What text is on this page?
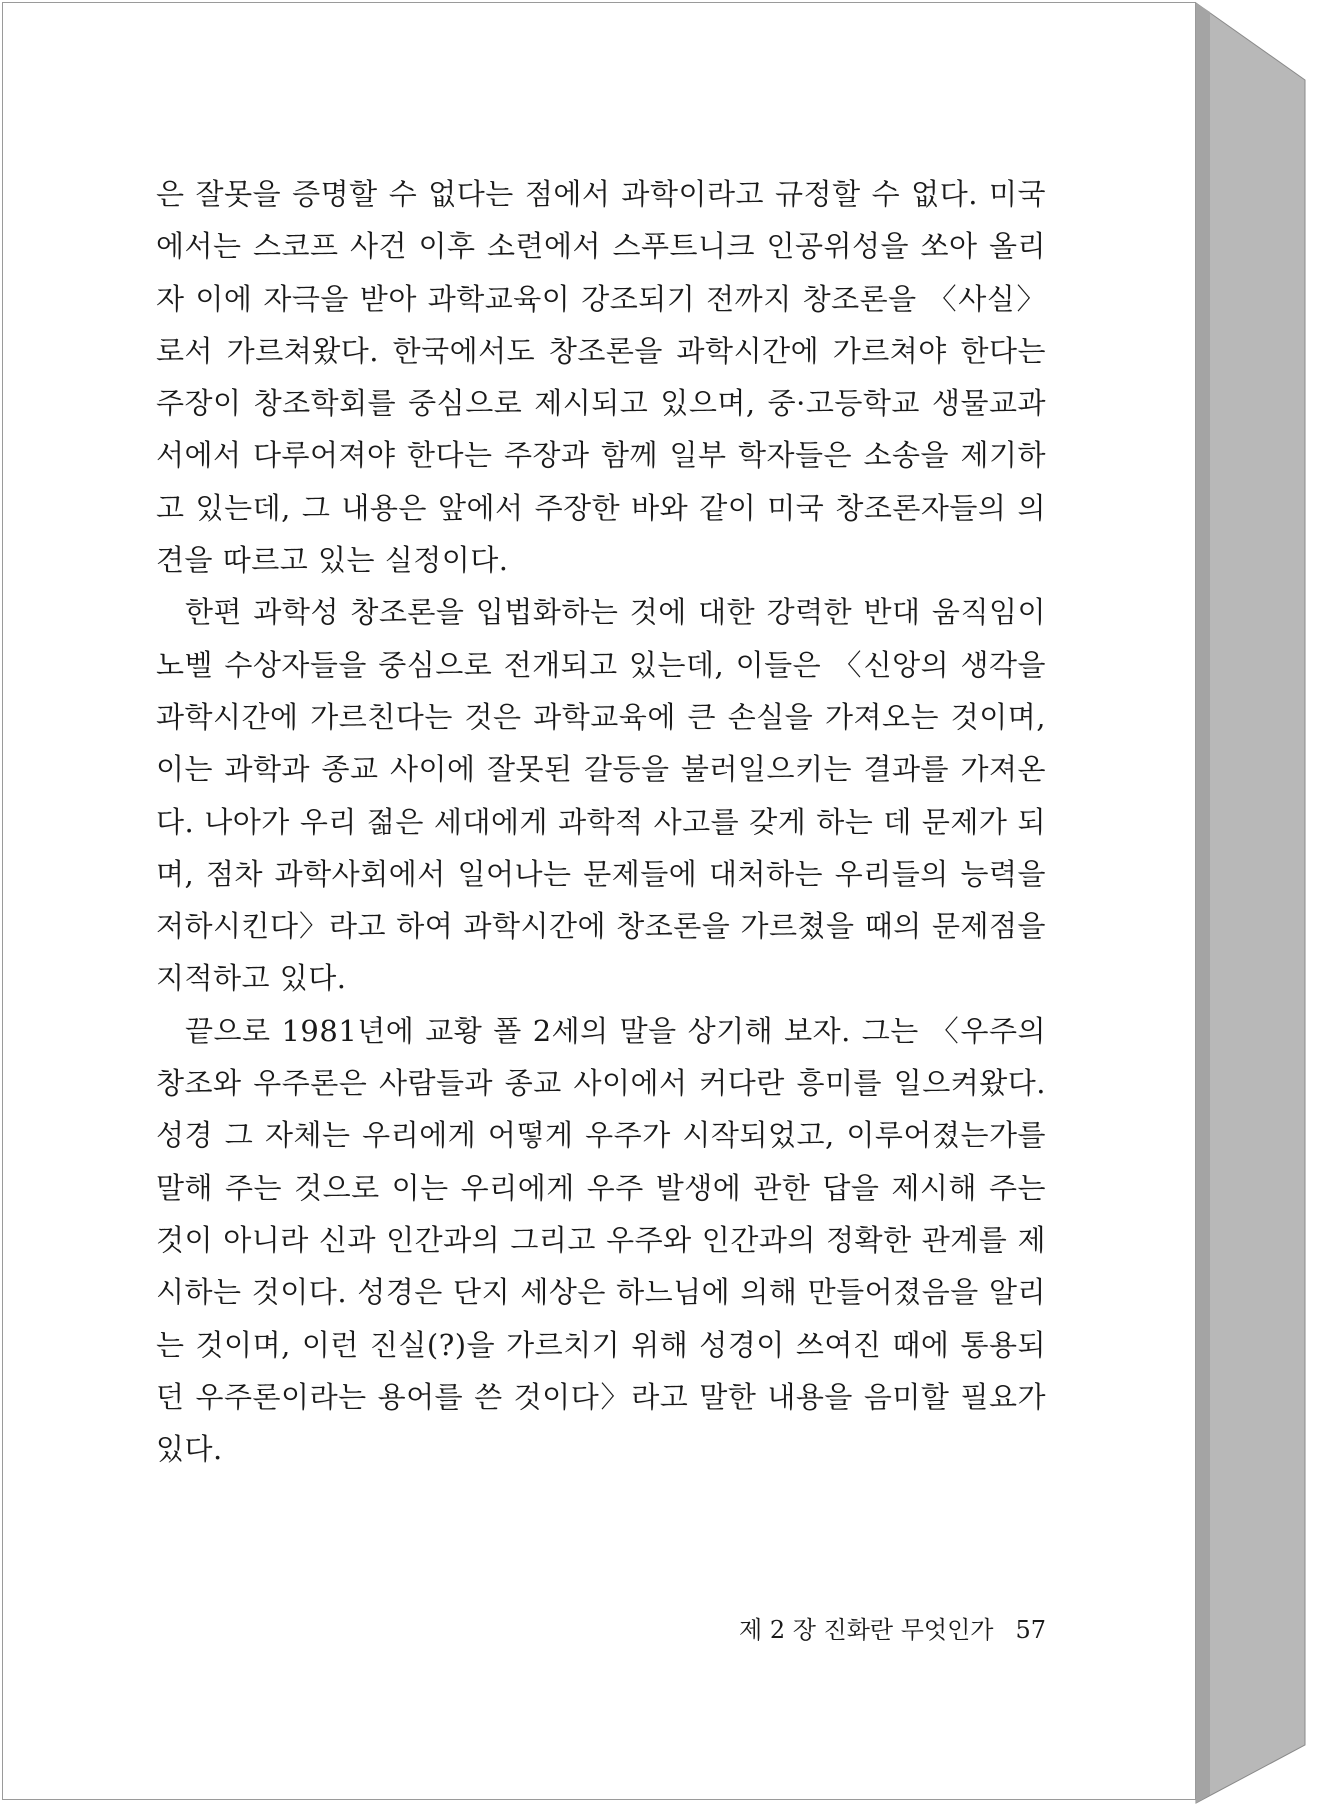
은 잘못을 증명할 수 없다는 점에서 과학이라고 규정할 수 없다. 미국에서는 스코프 사건 이후 소련에서 스푸트니크 인공위성을 쏘아 올리자 이에 자극을 받아 과학교육이 강조되기 전까지 창조론을 〈사실〉로서 가르쳐왔다. 한국에서도 창조론을 과학시간에 가르쳐야 한다는 주장이 창조학회를 중심으로 제시되고 있으며, 중·고등학교 생물교과서에서 다루어져야 한다는 주장과 함께 일부 학자들은 소송을 제기하고 있는데, 그 내용은 앞에서 주장한 바와 같이 미국 창조론자들의 의견을 따르고 있는 실정이다.

한편 과학성 창조론을 입법화하는 것에 대한 강력한 반대 움직임이 노벨 수상자들을 중심으로 전개되고 있는데, 이들은 〈신앙의 생각을 과학시간에 가르친다는 것은 과학교육에 큰 손실을 가져오는 것이며, 이는 과학과 종교 사이에 잘못된 갈등을 불러일으키는 결과를 가져온다. 나아가 우리 젊은 세대에게 과학적 사고를 갖게 하는 데 문제가 되며, 점차 과학사회에서 일어나는 문제들에 대처하는 우리들의 능력을 저하시킨다〉라고 하여 과학시간에 창조론을 가르쳤을 때의 문제점을 지적하고 있다.

끝으로 1981년에 교황 폴 2세의 말을 상기해 보자. 그는 〈우주의 창조와 우주론은 사람들과 종교 사이에서 커다란 흥미를 일으켜왔다. 성경 그 자체는 우리에게 어떻게 우주가 시작되었고, 이루어졌는가를 말해 주는 것으로 이는 우리에게 우주 발생에 관한 답을 제시해 주는 것이 아니라 신과 인간과의 그리고 우주와 인간과의 정확한 관계를 제시하는 것이다. 성경은 단지 세상은 하느님에 의해 만들어졌음을 알리는 것이며, 이런 진실(?)을 가르치기 위해 성경이 쓰여진 때에 통용되던 우주론이라는 용어를 쓴 것이다〉라고 말한 내용을 음미할 필요가 있다.

제 2 장 진화란 무엇인가 57
